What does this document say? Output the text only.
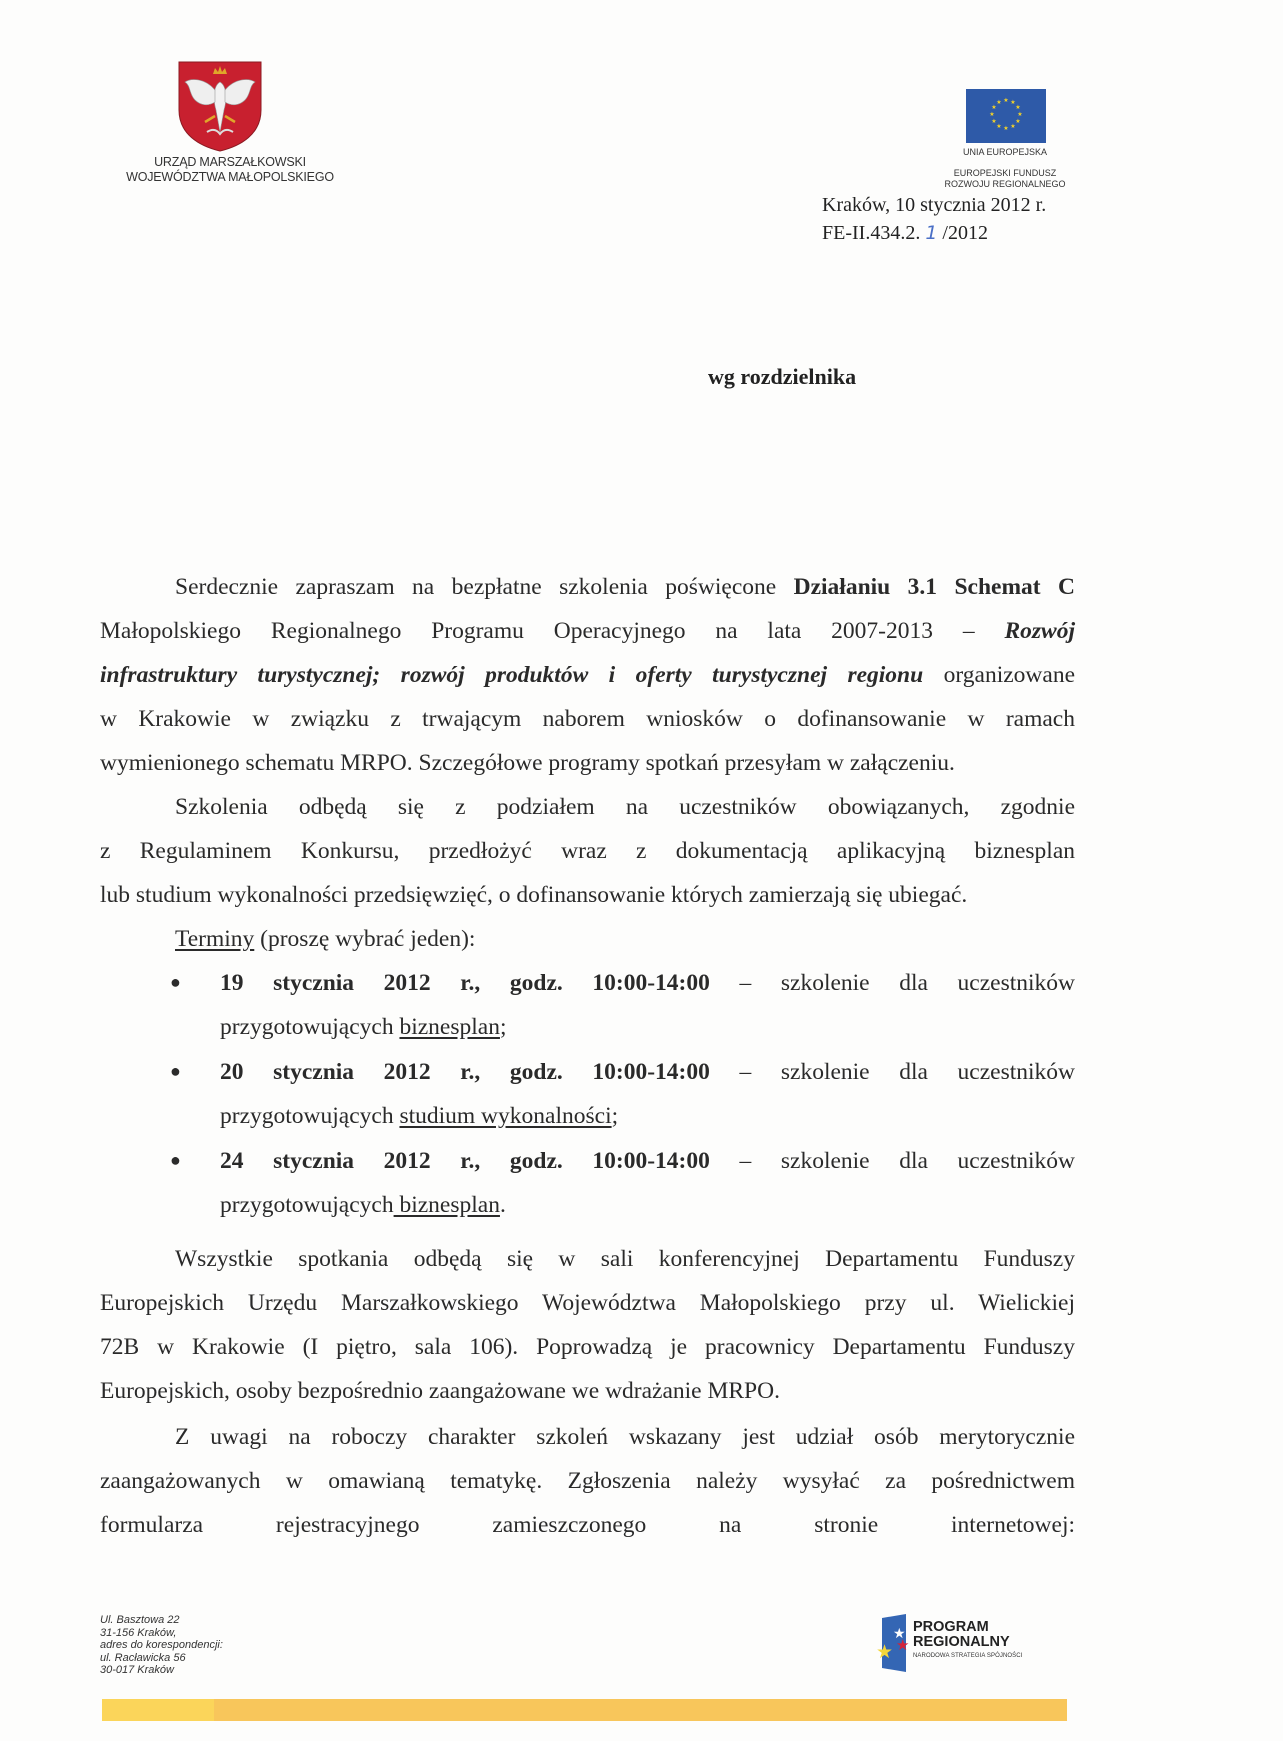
URZĄD MARSZAŁKOWSKI
WOJEWÓDZTWA MAŁOPOLSKIEGO
★ ★
★
★
★
★
★
★
★
★
★
★
UNIA EUROPEJSKA
EUROPEJSKI FUNDUSZ
ROZWOJU REGIONALNEGO
Kraków, 10 stycznia 2012 r.
FE-II.434.2. 1 /2012
wg rozdzielnika
Serdecznie zapraszam na bezpłatne szkolenia poświęcone Działaniu 3.1 Schemat C
Małopolskiego Regionalnego Programu Operacyjnego na lata 2007-2013 – Rozwój
infrastruktury turystycznej; rozwój produktów i oferty turystycznej regionu organizowane
w Krakowie w związku z trwającym naborem wniosków o dofinansowanie w ramach
wymienionego schematu MRPO. Szczegółowe programy spotkań przesyłam w załączeniu.
Szkolenia odbędą się z podziałem na uczestników obowiązanych, zgodnie
z Regulaminem Konkursu, przedłożyć wraz z dokumentacją aplikacyjną biznesplan
lub studium wykonalności przedsięwzięć, o dofinansowanie których zamierzają się ubiegać.
Terminy (proszę wybrać jeden):
● 19 stycznia 2012 r., godz. 10:00-14:00 – szkolenie dla uczestników
przygotowujących biznesplan;
● 20 stycznia 2012 r., godz. 10:00-14:00 – szkolenie dla uczestników
przygotowujących studium wykonalności;
● 24 stycznia 2012 r., godz. 10:00-14:00 – szkolenie dla uczestników
przygotowujących biznesplan.
Wszystkie spotkania odbędą się w sali konferencyjnej Departamentu Funduszy
Europejskich Urzędu Marszałkowskiego Województwa Małopolskiego przy ul. Wielickiej
72B w Krakowie (I piętro, sala 106). Poprowadzą je pracownicy Departamentu Funduszy
Europejskich, osoby bezpośrednio zaangażowane we wdrażanie MRPO.
Z uwagi na roboczy charakter szkoleń wskazany jest udział osób merytorycznie
zaangażowanych w omawianą tematykę. Zgłoszenia należy wysyłać za pośrednictwem
formularza rejestracyjnego zamieszczonego na stronie internetowej:
Ul. Basztowa 22
31-156 Kraków,
adres do korespondencji:
ul. Racławicka 56
30-017 Kraków
★
★
★
PROGRAM
REGIONALNY
NARODOWA STRATEGIA SPÓJNOŚCI
